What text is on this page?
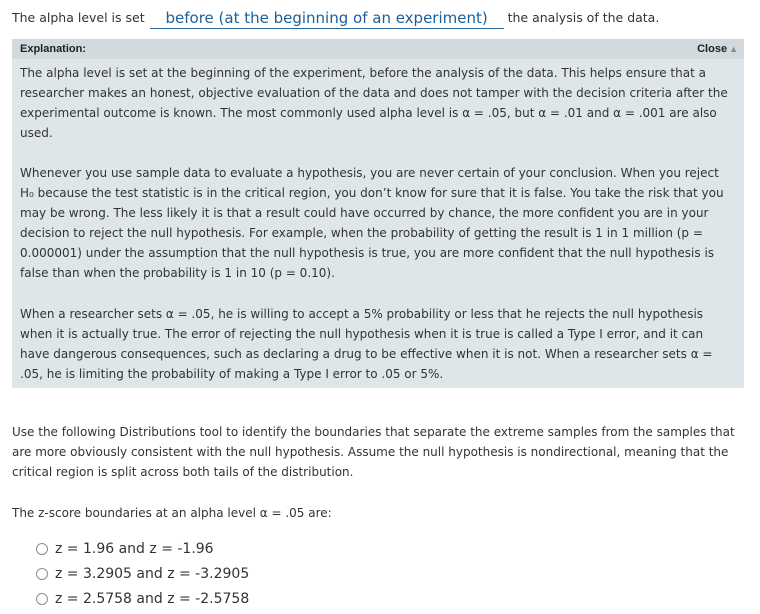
The alpha level is set	before (at the beginning of an experiment)	the analysis of the data.
Explanation:	Close ▲
The alpha level is set at the beginning of the experiment, before the analysis of the data. This helps ensure that a researcher makes an honest, objective evaluation of the data and does not tamper with the decision criteria after the experimental outcome is known. The most commonly used alpha level is α = .05, but α = .01 and α = .001 are also used.
Whenever you use sample data to evaluate a hypothesis, you are never certain of your conclusion. When you reject H₀ because the test statistic is in the critical region, you don’t know for sure that it is false. You take the risk that you may be wrong. The less likely it is that a result could have occurred by chance, the more confident you are in your decision to reject the null hypothesis. For example, when the probability of getting the result is 1 in 1 million (p = 0.000001) under the assumption that the null hypothesis is true, you are more confident that the null hypothesis is false than when the probability is 1 in 10 (p = 0.10).
When a researcher sets α = .05, he is willing to accept a 5% probability or less that he rejects the null hypothesis when it is actually true. The error of rejecting the null hypothesis when it is true is called a Type I error, and it can have dangerous consequences, such as declaring a drug to be effective when it is not. When a researcher sets α = .05, he is limiting the probability of making a Type I error to .05 or 5%.
Use the following Distributions tool to identify the boundaries that separate the extreme samples from the samples that are more obviously consistent with the null hypothesis. Assume the null hypothesis is nondirectional, meaning that the critical region is split across both tails of the distribution.
The z-score boundaries at an alpha level α = .05 are:
z = 1.96 and z = -1.96
z = 3.2905 and z = -3.2905
z = 2.5758 and z = -2.5758
